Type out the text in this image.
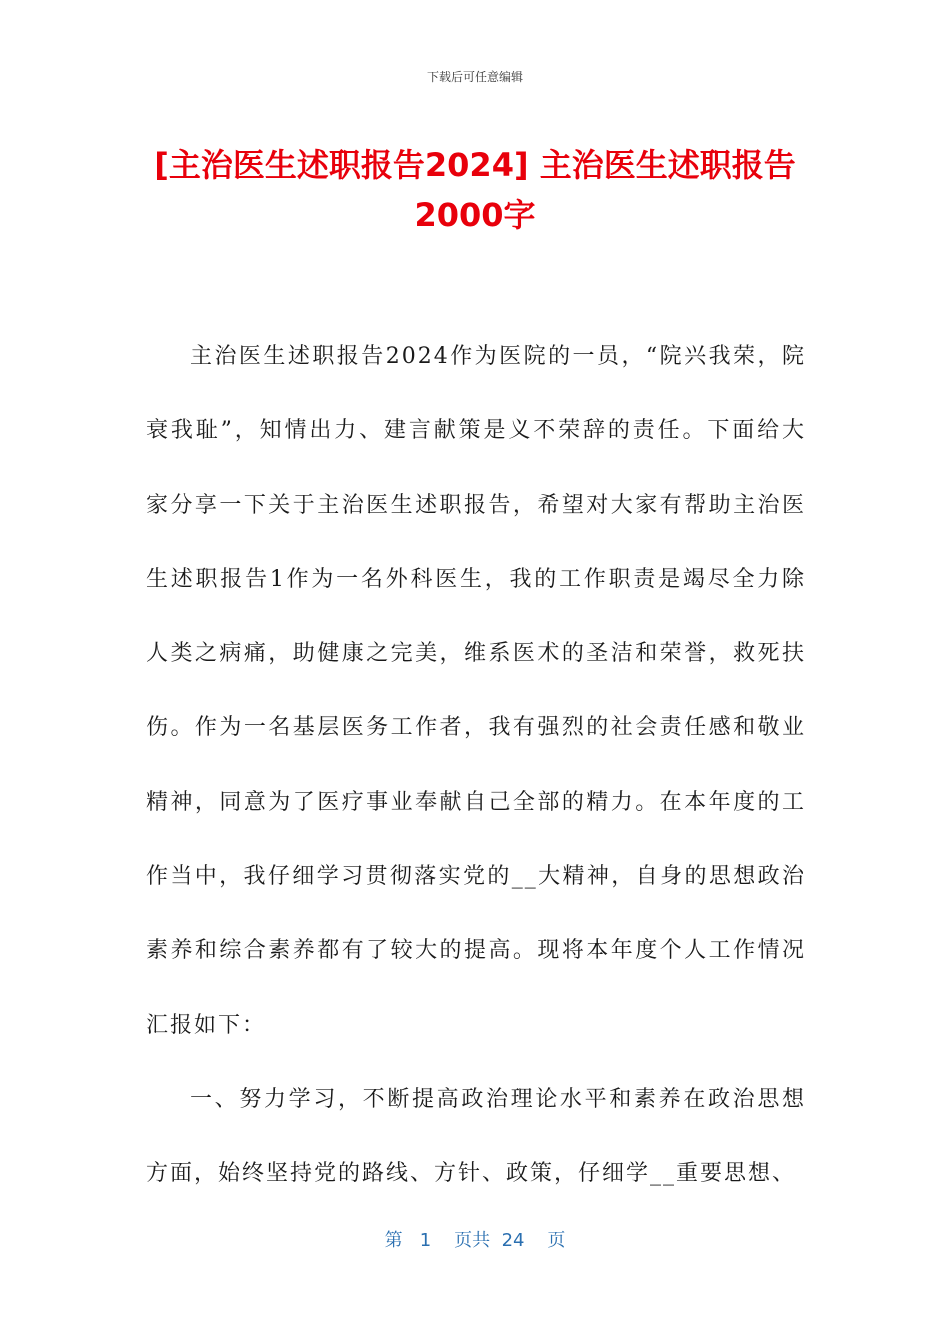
下载后可任意编辑
[主治医生述职报告2024] 主治医生述职报告
2000字

主治医生述职报告2024作为医院的一员，“院兴我荣，院衰我耻”，知情出力、建言献策是义不荣辞的责任。下面给大家分享一下关于主治医生述职报告，希望对大家有帮助主治医生述职报告1作为一名外科医生，我的工作职责是竭尽全力除人类之病痛，助健康之完美，维系医术的圣洁和荣誉，救死扶伤。作为一名基层医务工作者，我有强烈的社会责任感和敬业精神，同意为了医疗事业奉献自己全部的精力。在本年度的工作当中，我仔细学习贯彻落实党的__大精神，自身的思想政治素养和综合素养都有了较大的提高。现将本年度个人工作情况汇报如下：

一、努力学习，不断提高政治理论水平和素养在政治思想方面，始终坚持党的路线、方针、政策，仔细学__重要思想、

第 1 页共 24 页
